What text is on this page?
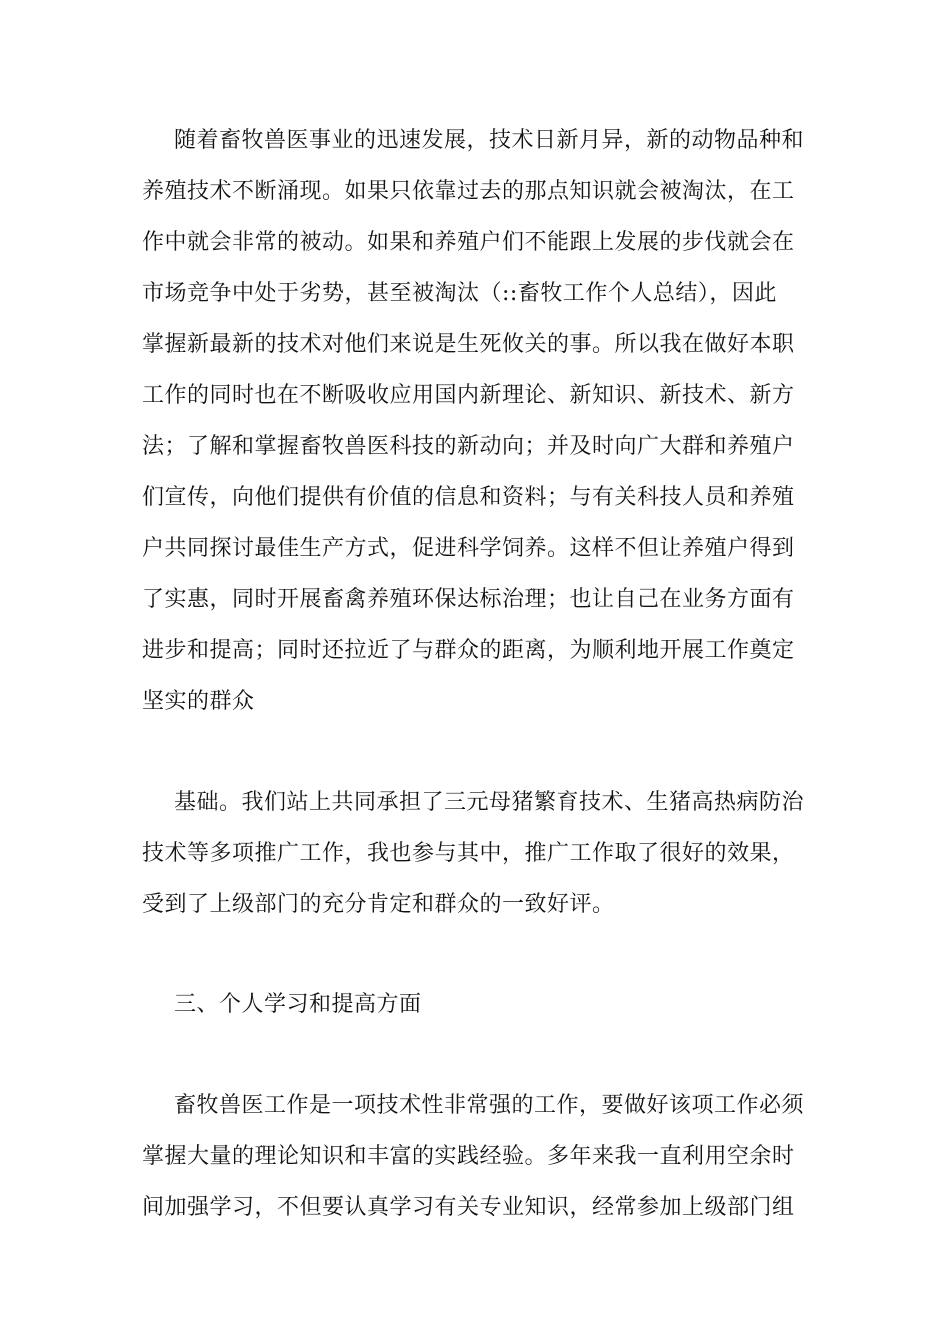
随着畜牧兽医事业的迅速发展，技术日新月异，新的动物品种和
养殖技术不断涌现。如果只依靠过去的那点知识就会被淘汰，在工
作中就会非常的被动。如果和养殖户们不能跟上发展的步伐就会在
市场竞争中处于劣势，甚至被淘汰（::畜牧工作个人总结），因此
掌握新最新的技术对他们来说是生死攸关的事。所以我在做好本职
工作的同时也在不断吸收应用国内新理论、新知识、新技术、新方
法；了解和掌握畜牧兽医科技的新动向；并及时向广大群和养殖户
们宣传，向他们提供有价值的信息和资料；与有关科技人员和养殖
户共同探讨最佳生产方式，促进科学饲养。这样不但让养殖户得到
了实惠，同时开展畜禽养殖环保达标治理；也让自己在业务方面有
进步和提高；同时还拉近了与群众的距离，为顺利地开展工作奠定
坚实的群众
基础。我们站上共同承担了三元母猪繁育技术、生猪高热病防治
技术等多项推广工作，我也参与其中，推广工作取了很好的效果，
受到了上级部门的充分肯定和群众的一致好评。
三、个人学习和提高方面
畜牧兽医工作是一项技术性非常强的工作，要做好该项工作必须
掌握大量的理论知识和丰富的实践经验。多年来我一直利用空余时
间加强学习，不但要认真学习有关专业知识，经常参加上级部门组
